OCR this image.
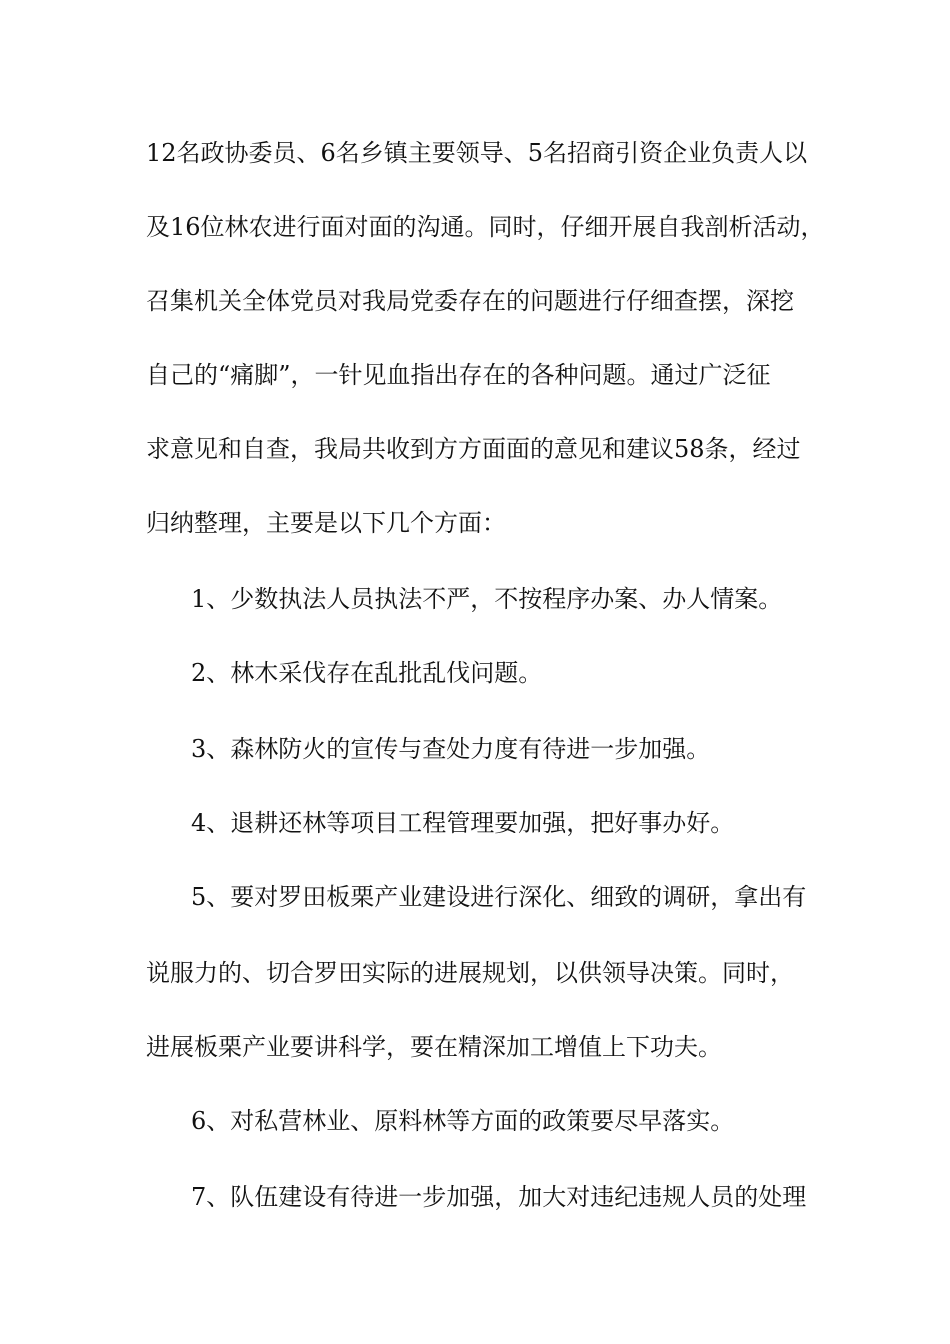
12名政协委员、6名乡镇主要领导、5名招商引资企业负责人以
及16位林农进行面对面的沟通。同时，仔细开展自我剖析活动，
召集机关全体党员对我局党委存在的问题进行仔细查摆，深挖
自己的“痛脚”，一针见血指出存在的各种问题。通过广泛征
求意见和自查，我局共收到方方面面的意见和建议58条，经过
归纳整理，主要是以下几个方面：
1、少数执法人员执法不严，不按程序办案、办人情案。
2、林木采伐存在乱批乱伐问题。
3、森林防火的宣传与查处力度有待进一步加强。
4、退耕还林等项目工程管理要加强，把好事办好。
5、要对罗田板栗产业建设进行深化、细致的调研，拿出有
说服力的、切合罗田实际的进展规划，以供领导决策。同时，
进展板栗产业要讲科学，要在精深加工增值上下功夫。
6、对私营林业、原料林等方面的政策要尽早落实。
7、队伍建设有待进一步加强，加大对违纪违规人员的处理
